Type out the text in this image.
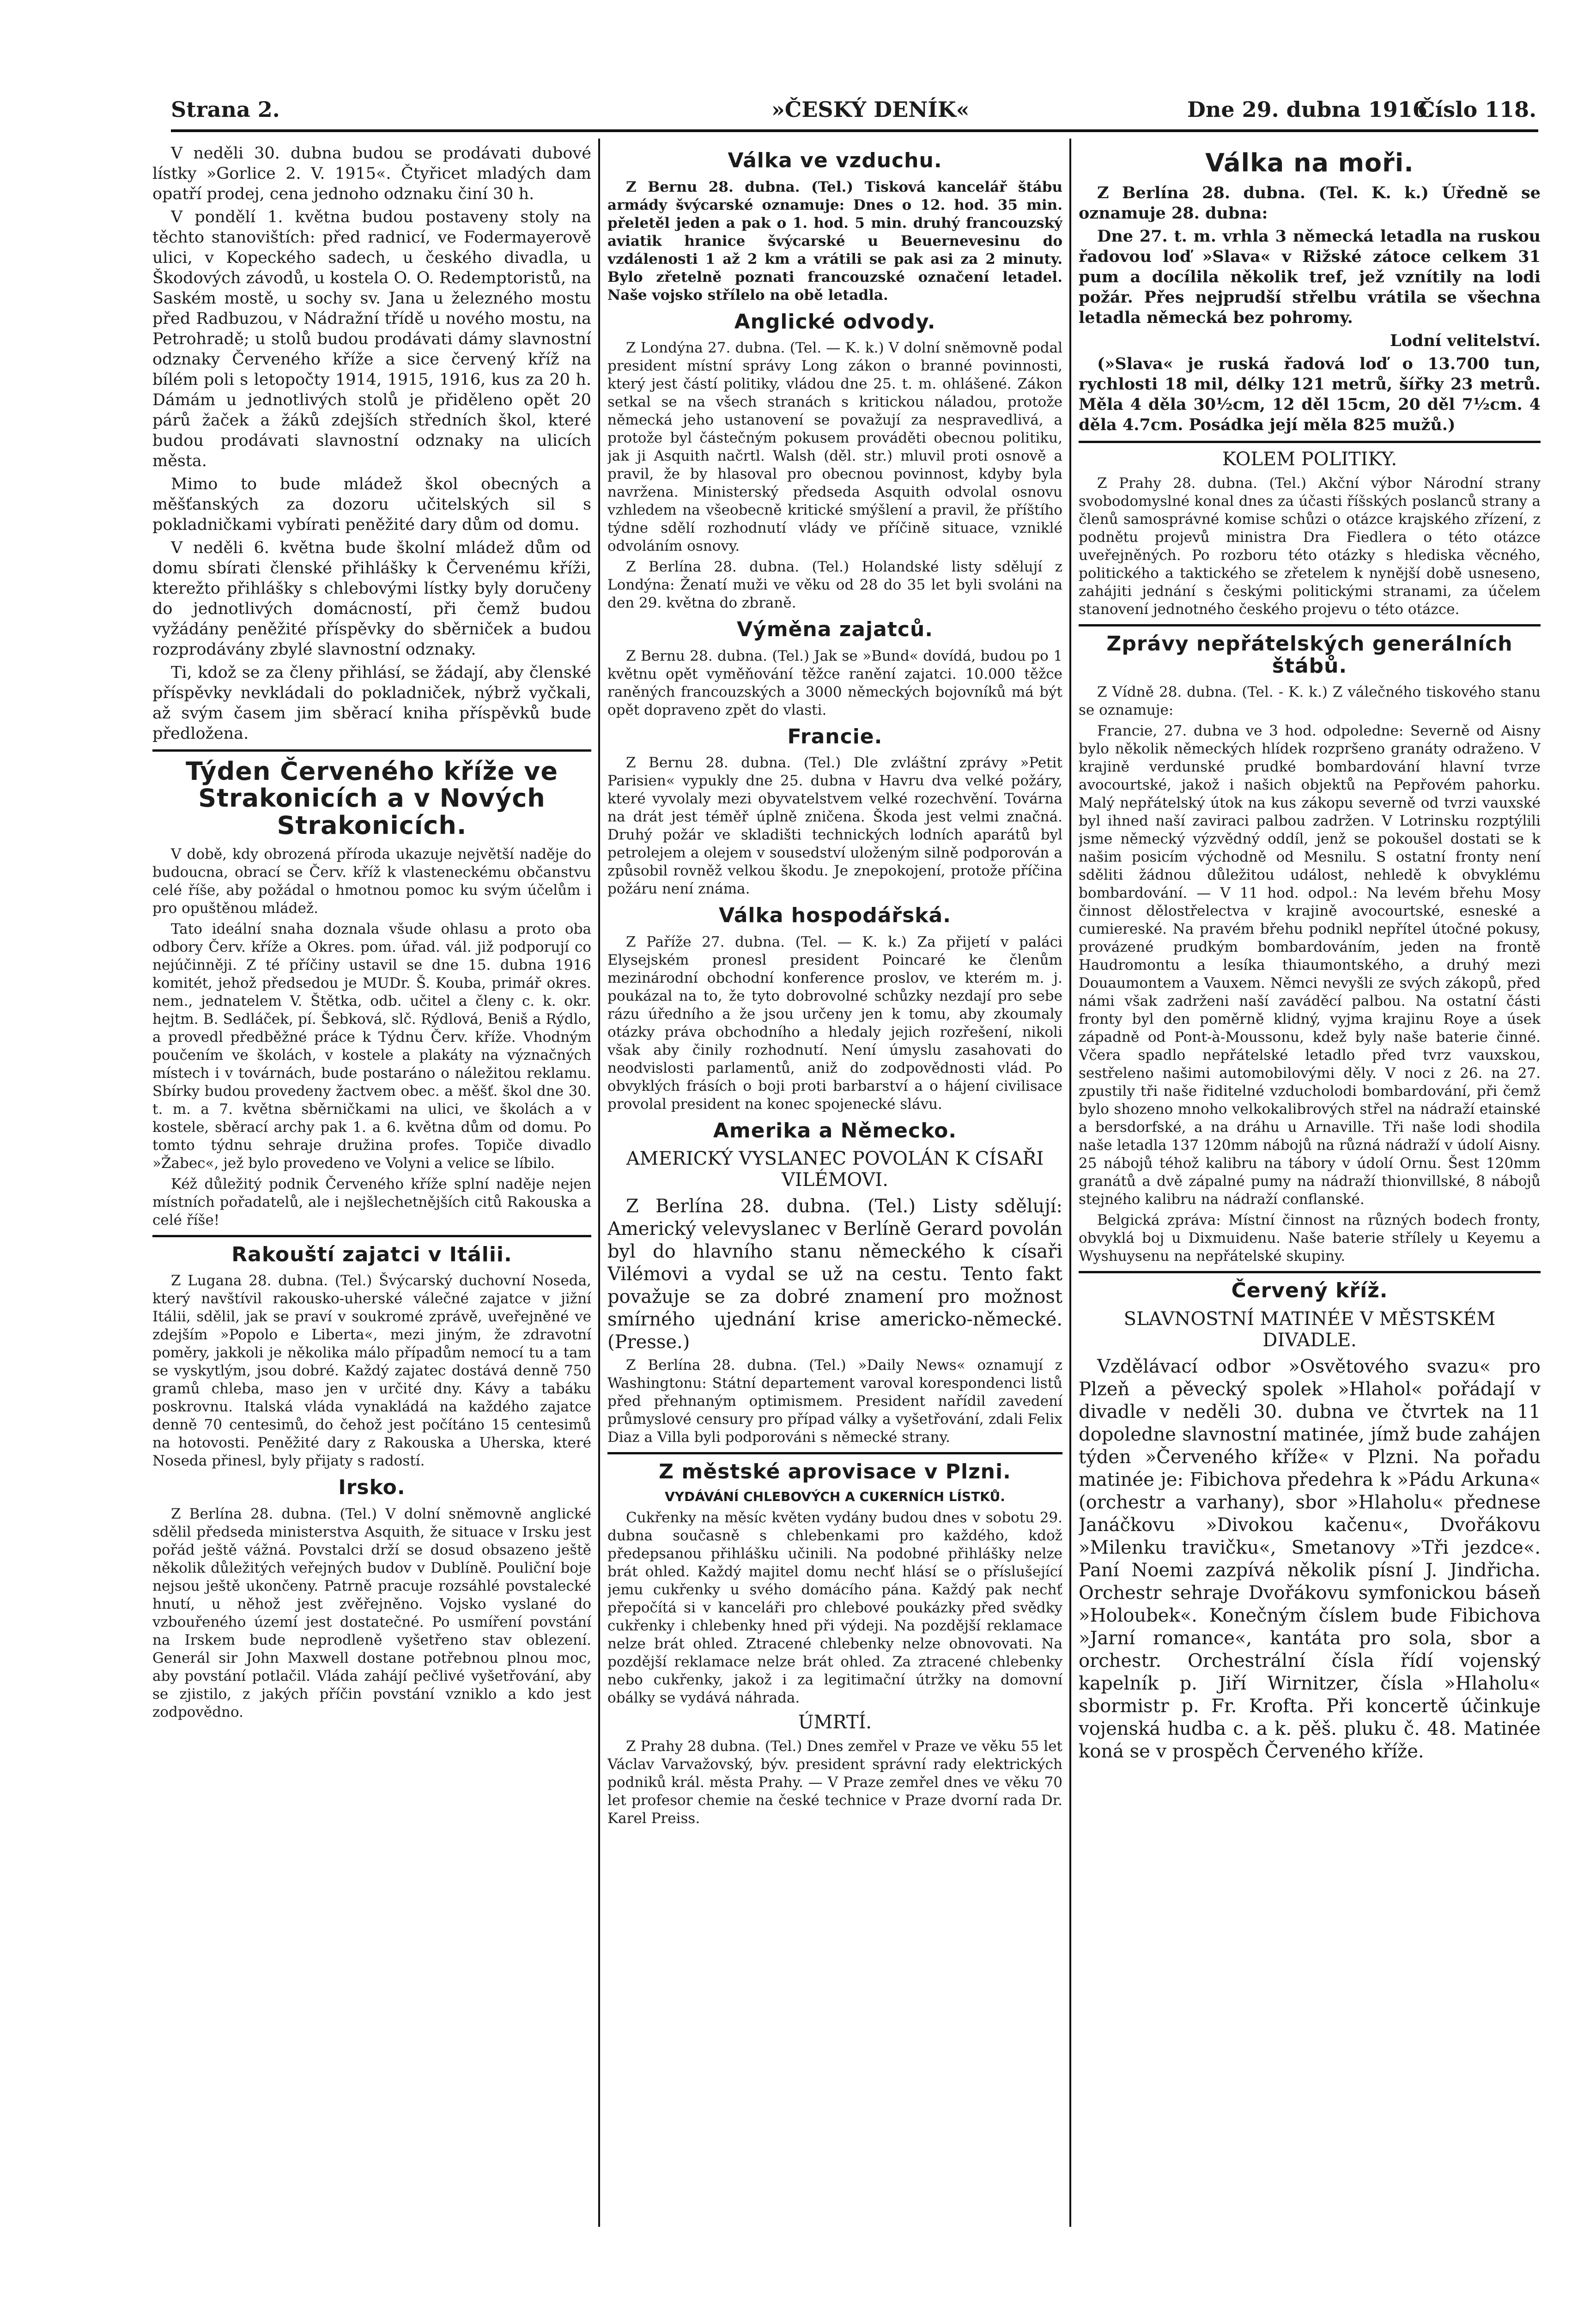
Strana 2.	»ČESKÝ DENÍK«	Dne 29. dubna 1916.
Číslo 118.

V neděli 30. dubna budou se prodávati dubové lístky »Gorlice 2. V. 1915«. Čtyřicet mladých dam opatří prodej, cena jednoho odznaku činí 30 h.

V pondělí 1. května budou postaveny stoly na těchto stanovištích: před radnicí, ve Fodermayerově ulici, v Kopeckého sadech, u českého divadla, u Škodových závodů, u kostela O. O. Redemptoristů, na Saském mostě, u sochy sv. Jana u železného mostu před Radbuzou, v Nádražní třídě u nového mostu, na Petrohradě; u stolů budou prodávati dámy slavnostní odznaky Červeného kříže a sice červený kříž na bílém poli s letopočty 1914, 1915, 1916, kus za 20 h. Dámám u jednotlivých stolů je přiděleno opět 20 párů žaček a žáků zdejších středních škol, které budou prodávati slavnostní odznaky na ulicích města.

Mimo to bude mládež škol obecných a měšťanských za dozoru učitelských sil s pokladničkami vybírati peněžité dary dům od domu.

V neděli 6. května bude školní mládež dům od domu sbírati členské přihlášky k Červenému kříži, kterežto přihlášky s chlebovými lístky byly doručeny do jednotlivých domácností, při čemž budou vyžádány peněžité příspěvky do sběrniček a budou rozprodávány zbylé slavnostní odznaky.

Ti, kdož se za členy přihlásí, se žádají, aby členské příspěvky nevkládali do pokladniček, nýbrž vyčkali, až svým časem jim sběrací kniha příspěvků bude předložena.

Týden Červeného kříže ve Strakonicích a v Nových Strakonicích.

V době, kdy obrozená příroda ukazuje největší naděje do budoucna, obrací se Červ. kříž k vlasteneckému občanstvu celé říše, aby požádal o hmotnou pomoc ku svým účelům i pro opuštěnou mládež.

Tato ideální snaha doznala všude ohlasu a proto oba odbory Červ. kříže a Okres. pom. úřad. vál. již podporují co nejúčinněji. Z té příčiny ustavil se dne 15. dubna 1916 komitét, jehož předsedou je MUDr. Š. Kouba, primář okres. nem., jednatelem V. Štětka, odb. učitel a členy c. k. okr. hejtm. B. Sedláček, pí. Šebková, slč. Rýdlová, Beniš a Rýdlo, a provedl předběžné práce k Týdnu Červ. kříže. Vhodným poučením ve školách, v kostele a plakáty na význačných místech i v továrnách, bude postaráno o náležitou reklamu. Sbírky budou provedeny žactvem obec. a měšť. škol dne 30. t. m. a 7. května sběrničkami na ulici, ve školách a v kostele, sběrací archy pak 1. a 6. května dům od domu. Po tomto týdnu sehraje družina profes. Topiče divadlo »Žabec«, jež bylo provedeno ve Volyni a velice se líbilo.

Kéž důležitý podnik Červeného kříže splní naděje nejen místních pořadatelů, ale i nejšlechetnějších citů Rakouska a celé říše!

Rakouští zajatci v Itálii.

Z Lugana 28. dubna. (Tel.) Švýcarský duchovní Noseda, který navštívil rakousko-uherské válečné zajatce v jižní Itálii, sdělil, jak se praví v soukromé zprávě, uveřejněné ve zdejším »Popolo e Liberta«, mezi jiným, že zdravotní poměry, jakkoli je několika málo případům nemocí tu a tam se vyskytlým, jsou dobré. Každý zajatec dostává denně 750 gramů chleba, maso jen v určité dny. Kávy a tabáku poskrovnu. Italská vláda vynakládá na každého zajatce denně 70 centesimů, do čehož jest počítáno 15 centesimů na hotovosti. Peněžité dary z Rakouska a Uherska, které Noseda přinesl, byly přijaty s radostí.

Irsko.

Z Berlína 28. dubna. (Tel.) V dolní sněmovně anglické sdělil předseda ministerstva Asquith, že situace v Irsku jest pořád ještě vážná. Povstalci drží se dosud obsazeno ještě několik důležitých veřejných budov v Dublíně. Pouliční boje nejsou ještě ukončeny. Patrně pracuje rozsáhlé povstalecké hnutí, u něhož jest zvěřejněno. Vojsko vyslané do vzbouřeného území jest dostatečné. Po usmíření povstání na Irskem bude neprodleně vyšetřeno stav oblezení. Generál sir John Maxwell dostane potřebnou plnou moc, aby povstání potlačil. Vláda zahájí pečlivé vyšetřování, aby se zjistilo, z jakých příčin povstání vzniklo a kdo jest zodpovědno.

Válka ve vzduchu.

Z Bernu 28. dubna. (Tel.) Tisková kancelář štábu armády švýcarské oznamuje: Dnes o 12. hod. 35 min. přeletěl jeden a pak o 1. hod. 5 min. druhý francouzský aviatik hranice švýcarské u Beuernevesinu do vzdálenosti 1 až 2 km a vrátili se pak asi za 2 minuty. Bylo zřetelně poznati francouzské označení letadel. Naše vojsko střílelo na obě letadla.

Anglické odvody.

Z Londýna 27. dubna. (Tel. — K. k.) V dolní sněmovně podal president místní správy Long zákon o branné povinnosti, který jest částí politiky, vládou dne 25. t. m. ohlášené. Zákon setkal se na všech stranách s kritickou náladou, protože německá jeho ustanovení se považují za nespravedlivá, a protože byl částečným pokusem prováděti obecnou politiku, jak ji Asquith načrtl. Walsh (děl. str.) mluvil proti osnově a pravil, že by hlasoval pro obecnou povinnost, kdyby byla navržena. Ministerský předseda Asquith odvolal osnovu vzhledem na všeobecně kritické smýšlení a pravil, že příštího týdne sdělí rozhodnutí vlády ve příčině situace, vzniklé odvoláním osnovy.

Z Berlína 28. dubna. (Tel.) Holandské listy sdělují z Londýna: Ženatí muži ve věku od 28 do 35 let byli svoláni na den 29. května do zbraně.

Výměna zajatců.

Z Bernu 28. dubna. (Tel.) Jak se »Bund« dovídá, budou po 1 květnu opět vyměňování těžce ranění zajatci. 10.000 těžce raněných francouzských a 3000 německých bojovníků má být opět dopraveno zpět do vlasti.

Francie.

Z Bernu 28. dubna. (Tel.) Dle zvláštní zprávy »Petit Parisien« vypukly dne 25. dubna v Havru dva velké požáry, které vyvolaly mezi obyvatelstvem velké rozechvění. Továrna na drát jest téměř úplně zničena. Škoda jest velmi značná. Druhý požár ve skladišti technických lodních aparátů byl petrolejem a olejem v sousedství uloženým silně podporován a způsobil rovněž velkou škodu. Je znepokojení, protože příčina požáru není známa.

Válka hospodářská.

Z Paříže 27. dubna. (Tel. — K. k.) Za přijetí v paláci Elysejském pronesl president Poincaré ke členům mezinárodní obchodní konference proslov, ve kterém m. j. poukázal na to, že tyto dobrovolné schůzky nezdají pro sebe rázu úředního a že jsou určeny jen k tomu, aby zkoumaly otázky práva obchodního a hledaly jejich rozřešení, nikoli však aby činily rozhodnutí. Není úmyslu zasahovati do neodvislosti parlamentů, aniž do zodpovědnosti vlád. Po obvyklých frásích o boji proti barbarství a o hájení civilisace provolal president na konec spojenecké slávu.

Amerika a Německo.
AMERICKÝ VYSLANEC POVOLÁN K CÍSAŘI VILÉMOVI.

Z Berlína 28. dubna. (Tel.) Listy sdělují: Americký velevyslanec v Berlíně Gerard povolán byl do hlavního stanu německého k císaři Vilémovi a vydal se už na cestu. Tento fakt považuje se za dobré znamení pro možnost smírného ujednání krise americko-německé. (Presse.)

Z Berlína 28. dubna. (Tel.) »Daily News« oznamují z Washingtonu: Státní departement varoval korespondenci listů před přehnaným optimismem. President nařídil zavedení průmyslové censury pro případ války a vyšetřování, zdali Felix Diaz a Villa byli podporováni s německé strany.

Z městské aprovisace v Plzni.
VYDÁVÁNÍ CHLEBOVÝCH A CUKERNÍCH LÍSTKŮ.

Cukřenky na měsíc květen vydány budou dnes v sobotu 29. dubna současně s chlebenkami pro každého, kdož předepsanou přihlášku učinili. Na podobné přihlášky nelze brát ohled. Každý majitel domu nechť hlásí se o příslušející jemu cukřenky u svého domácího pána. Každý pak nechť přepočítá si v kanceláři pro chlebové poukázky před svědky cukřenky i chlebenky hned při výdeji. Na pozdější reklamace nelze brát ohled. Ztracené chlebenky nelze obnovovati. Na pozdější reklamace nelze brát ohled. Za ztracené chlebenky nebo cukřenky, jakož i za legitimační útržky na domovní obálky se vydává náhrada.

ÚMRTÍ.

Z Prahy 28 dubna. (Tel.) Dnes zemřel v Praze ve věku 55 let Václav Varvažovský, býv. president správní rady elektrických podniků král. města Prahy. — V Praze zemřel dnes ve věku 70 let profesor chemie na české technice v Praze dvorní rada Dr. Karel Preiss.

Válka na moři.

Z Berlína 28. dubna. (Tel. K. k.) Úředně se oznamuje 28. dubna:

Dne 27. t. m. vrhla 3 německá letadla na ruskou řadovou loď »Slava« v Rižské zátoce celkem 31 pum a docílila několik tref, jež vznítily na lodi požár. Přes nejprudší střelbu vrátila se všechna letadla německá bez pohromy.

Lodní velitelství.

(»Slava« je ruská řadová loď o 13.700 tun, rychlosti 18 mil, délky 121 metrů, šířky 23 metrů. Měla 4 děla 30½cm, 12 děl 15cm, 20 děl 7½cm. 4 děla 4.7cm. Posádka její měla 825 mužů.)

KOLEM POLITIKY.

Z Prahy 28. dubna. (Tel.) Akční výbor Národní strany svobodomyslné konal dnes za účasti říšských poslanců strany a členů samosprávné komise schůzi o otázce krajského zřízení, z podnětu projevů ministra Dra Fiedlera o této otázce uveřejněných. Po rozboru této otázky s hlediska věcného, politického a taktického se zřetelem k nynější době usneseno, zahájiti jednání s českými politickými stranami, za účelem stanovení jednotného českého projevu o této otázce.

Zprávy nepřátelských generálních štábů.

Z Vídně 28. dubna. (Tel. - K. k.) Z válečného tiskového stanu se oznamuje:

Francie, 27. dubna ve 3 hod. odpoledne: Severně od Aisny bylo několik německých hlídek rozpršeno granáty odraženo. V krajině verdunské prudké bombardování hlavní tvrze avocourtské, jakož i našich objektů na Pepřovém pahorku. Malý nepřátelský útok na kus zákopu severně od tvrzi vauxské byl ihned naší zaviraci palbou zadržen. V Lotrinsku rozptýlili jsme německý výzvědný oddíl, jenž se pokoušel dostati se k našim posicím východně od Mesnilu. S ostatní fronty není sděliti žádnou důležitou událost, nehledě k obvyklému bombardování. — V 11 hod. odpol.: Na levém břehu Mosy činnost dělostřelectva v krajině avocourtské, esneské a cumiereské. Na pravém břehu podnikl nepřítel útočné pokusy, provázené prudkým bombardováním, jeden na frontě Haudromontu a lesíka thiaumontského, a druhý mezi Douaumontem a Vauxem. Němci nevyšli ze svých zákopů, před námi však zadrženi naší zaváděcí palbou. Na ostatní části fronty byl den poměrně klidný, vyjma krajinu Roye a úsek západně od Pont-à-Moussonu, kdež byly naše baterie činné. Včera spadlo nepřátelské letadlo před tvrz vauxskou, sestřeleno našimi automobilovými děly. V noci z 26. na 27. zpustily tři naše řiditelné vzducholodi bombardování, při čemž bylo shozeno mnoho velkokalibrových střel na nádraží etainské a bersdorfské, a na dráhu u Arnaville. Tři naše lodi shodila naše letadla 137 120mm nábojů na různá nádraží v údolí Aisny. 25 nábojů téhož kalibru na tábory v údolí Ornu. Šest 120mm granátů a dvě zápalné pumy na nádraží thionvillské, 8 nábojů stejného kalibru na nádraží conflanské.

Belgická zpráva: Místní činnost na různých bodech fronty, obvyklá boj u Dixmuidenu. Naše baterie střílely u Keyemu a Wyshuysenu na nepřátelské skupiny.

Červený kříž.
SLAVNOSTNÍ MATINÉE V MĚSTSKÉM DIVADLE.

Vzdělávací odbor »Osvětového svazu« pro Plzeň a pěvecký spolek »Hlahol« pořádají v divadle v neděli 30. dubna ve čtvrtek na 11 dopoledne slavnostní matinée, jímž bude zahájen týden »Červeného kříže« v Plzni. Na pořadu matinée je: Fibichova předehra k »Pádu Arkuna« (orchestr a varhany), sbor »Hlaholu« přednese Janáčkovu »Divokou kačenu«, Dvořákovu »Milenku travičku«, Smetanovy »Tři jezdce«. Paní Noemi zazpívá několik písní J. Jindřicha. Orchestr sehraje Dvořákovu symfonickou báseň »Holoubek«. Konečným číslem bude Fibichova »Jarní romance«, kantáta pro sola, sbor a orchestr. Orchestrální čísla řídí vojenský kapelník p. Jiří Wirnitzer, čísla »Hlaholu« sbormistr p. Fr. Krofta. Při koncertě účinkuje vojenská hudba c. a k. pěš. pluku č. 48. Matinée koná se v prospěch Červeného kříže.
